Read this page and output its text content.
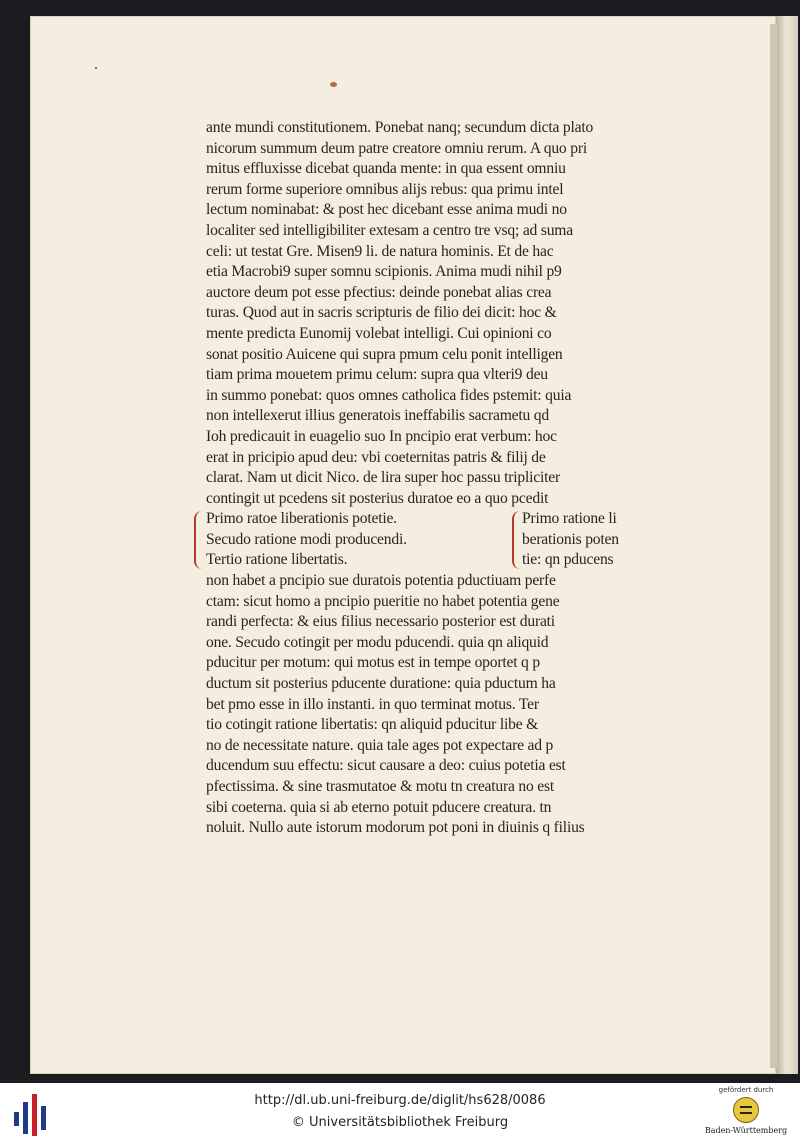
ante mundi constitutionem. Ponebat nanq; secundum dicta plato
nicorum summum deum patre creatore omniu rerum. A quo pri
mitus effluxisse dicebat quanda mente: in qua essent omniu
rerum forme superiore omnibus alijs rebus: qua primu intel
lectum nominabat: & post hec dicebant esse anima mudi no
localiter sed intelligibiliter extesam a centro tre vsq; ad suma
celi: ut testat Gre. Misen9 li. de natura hominis. Et de hac
etia Macrobi9 super somnu scipionis. Anima mudi nihil p9
auctore deum pot esse pfectius: deinde ponebat alias crea
turas. Quod aut in sacris scripturis de filio dei dicit: hoc &
mente predicta Eunomij volebat intelligi. Cui opinioni co
sonat positio Auicene qui supra pmum celu ponit intelligen
tiam prima mouetem primu celum: supra qua vlteri9 deu
in summo ponebat: quos omnes catholica fides pstemit: quia
non intellexerut illius generatois ineffabilis sacrametu qd
Ioh predicauit in euagelio suo In pncipio erat verbum: hoc
erat in pricipio apud deu: vbi coeternitas patris & filij de
clarat. Nam ut dicit Nico. de lira super hoc passu tripliciter
contingit ut pcedens sit posterius duratoe eo a quo pcedit
Primo ratoe liberationis potetie.
Secudo ratione modi producendi.
Tertio ratione libertatis.
Primo ratione li
berationis poten
tie: qn pducens
non habet a pncipio sue duratois potentia pductiuam perfe
ctam: sicut homo a pncipio pueritie no habet potentia gene
randi perfecta: & eius filius necessario posterior est durati
one. Secudo cotingit per modu pducendi. quia qn aliquid
pducitur per motum: qui motus est in tempe oportet q p
ductum sit posterius pducente duratione: quia pductum ha
bet pmo esse in illo instanti. in quo terminat motus. Ter
tio cotingit ratione libertatis: qn aliquid pducitur libe &
no de necessitate nature. quia tale ages pot expectare ad p
ducendum suu effectu: sicut causare a deo: cuius potetia est
pfectissima. & sine trasmutatoe & motu tn creatura no est
sibi coeterna. quia si ab eterno potuit pducere creatura. tn
noluit. Nullo aute istorum modorum pot poni in diuinis q filius
http://dl.ub.uni-freiburg.de/diglit/hs628/0086
© Universitätsbibliothek Freiburg
gefördert durch
Baden-Württemberg
